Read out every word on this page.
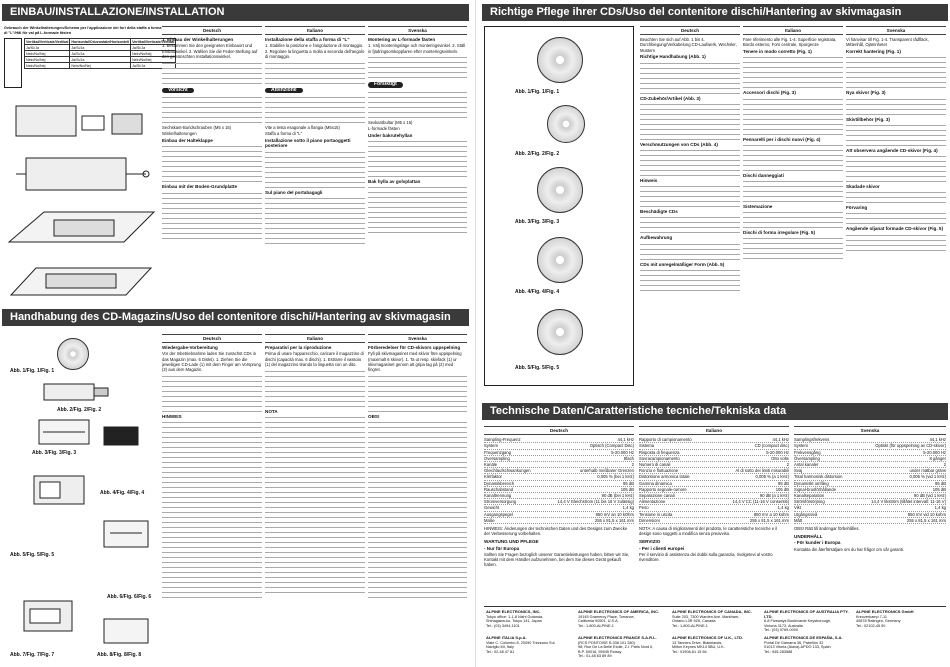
EINBAU/INSTALLAZIONE/INSTALLATION	Richtige Pflege ihrer CDs/Uso del contenitore dischi/Hantering av skivmagasin
Handhabung des CD-Magazins/Uso del contenitore dischi/Hantering av skivmagasin
Technische Daten/Caratteristiche tecniche/Tekniska data
Gebrauch der Winkelhalterungen/Schema per l'applicazione dei fori della staffa a forma di "L"/Hål för val på L-formade fästen
Vertikal/Verticale/Vertikal	Horizontal/Orizzontale/Horisontell	Vertikal/Verticale/Vertikal
Ja/Sì/Ja	Ja/Sì/Ja	Ja/Sì/Ja
Nein/No/Nej	Ja/Sì/Ja	Nein/No/Nej
Nein/No/Nej	Ja/Sì/Ja	Nein/No/Nej
Nein/No/Nej	Nein/No/Nej	Ja/Sì/Ja
Deutsch
1. Einbau der Winkelhalterungen
1. Bestimmen Sie den geeigneten Einbauort und Einbauwinkel. 2. Wählen Sie die Feder-Stellung auf den gewünschten Installationswinkel.
Vorsicht
Sechskant-Bundschrauben (M5 x 15)
Winkelhalterungen
Einbau der Halteklappe
Einbau mit der Boden-Grundplatte
Italiano
Installazione della staffa a forma di "L"
1. Stabilire la posizione e l'angolazione di montaggio. 2. Regolare la linguetta a molla a seconda dell'angolo di montaggio.
Attenzione
Vite a testa esagonale a flangia (M5x15)
Staffa a forma di "L"
Installazione sotto il piano portaoggetti posteriore
Sul piano del portabagagli
Svenska
Montering av L-formade fästen
1. Välj monteringsläge och monteringsvinkel. 2. Ställ in fjädringsomkopplaren efter monteringsvinkeln.
Försiktigt
Sexkantbultar (M5 x 15)
L-formade fästen
Under bakrutehyllan
Bak hylla av golvplattan
Abb. 1/Fig. 1/Fig. 1
Abb. 2/Fig. 2/Fig. 2
Abb. 3/Fig. 3/Fig. 3
Abb. 4/Fig. 4/Fig. 4
Abb. 5/Fig. 5/Fig. 5
Abb. 6/Fig. 6/Fig. 6
Abb. 7/Fig. 7/Fig. 7	Abb. 8/Fig. 8/Fig. 8
Deutsch
Wiedergabe-Vorbereitung
Vor der Inbetriebnahme laden Sie zunächst CDs in das Magazin (max. 6 Disks). 1. Ziehen Sie die jeweiligen CD-Lade (1) mit dem Finger am Vorsprung (2) aus dem Magazin.
HINWEIS
Italiano
Preparativi per la riproduzione
Prima di usare l'apparecchio, caricare il magazzino di dischi (capacità max. 6 dischi). 1. Estrarre il vassoio (1) del magazzino tirando la linguetta con un dito.
NOTA
Svenska
Förberedelser för CD-skivors uppspelning
Fyll på skivmagasinet med skivor före uppspelning (maximalt 6 skivor). 1. Ta ut resp. skivfack (1) ur skivmagasinet genom att gripa tag på (2) med fingret.
OBS!
Abb. 1/Fig. 1/Fig. 1
Abb. 2/Fig. 2/Fig. 2
Abb. 3/Fig. 3/Fig. 3
Abb. 4/Fig. 4/Fig. 4
Abb. 5/Fig. 5/Fig. 5
Deutsch
Beachten Sie sich auf Abb. 1 bis 4. Durchbiegung/Verkabelung CD-Laufwerk, Wechsler, Mustern
Richtige Handhabung (Abb. 1)
CD-Zubehör/Artikel (Abb. 3)
Verschmutzungen von CDs (Abb. 4)
Hinweis
Beschädigte CDs
Aufbewahrung
CDs mit unregelmäßiger Form (Abb. 5)
Italiano
Fare riferimento alle Fig. 1-4. Superficie registrata, Bordo esterno, Foro centrale, Sporgenze
Tenere in modo corretto (Fig. 1)
Accessori dischi (Fig. 3)
Pennarelli per i dischi nuovi (Fig. 4)
Dischi danneggiati
Sistemazione
Dischi di forma irregolare (Fig. 5)
Svenska
Vi hänvisar till Fig. 1-4. Transparent rådfläck, Mittenhål, Ojämnheter
Korrekt hantering (Fig. 1)
Nya skivor (Fig. 3)
Skivtillbehör (Fig. 3)
Att observera angående CD-skivor (Fig. 4)
Skadade skivor
Förvaring
Angående oljanat formade CD-skivor (Fig. 5)
Deutsch
Sampling-Frequenz	44,1 kHz
System	Optisch (Compact Disc)
Frequenzgang	5-20.000 Hz
Oversampling	8fach
Kanäle	2
Gleichlaufschwankungen	unterhalb meßbarer Grenzen
Klirrfaktor	0,005 % (bei 1 kHz)
Dynamikbereich	95 dB
Rauschabstand	105 dB
Kanaltrennung	90 dB (bei 1 kHz)
Stromversorgung	14,4 V Gleichstrom (11 bis 16 V zulässig)
Gewicht	1,4 kg
Ausgangspegel	850 mV an 10 kOhm
Maße	255 x 81,5 x 161 mm
HINWEIS: Änderungen der technischen Daten und des Designs zum Zwecke der Verbesserung vorbehalten.
WARTUNG UND PFLEGE
- Nur für Europa
Sollten Sie Fragen bezüglich unserer Garantieleistungen haben, bitten wir Sie, Kontakt mit dem Händler aufzunehmen, bei dem Sie dieses Gerät gekauft haben.
Italiano
Rapporto di campionamento	44,1 kHz
Sistema	CD (compact disc)
Risposta di frequenza	5-20.000 Hz
Sovracampionamento	Otto volte
Numero di canali	2
Ronzio e fluttuazione	Al di sotto dei limiti misurabili
Distorsione armonica totale	0,005 % (a 1 kHz)
Gamma dinamica	95 dB
Rapporto segnale-rumore	105 dB
Separazione canali	90 dB (a 1 kHz)
Alimentazione	14,4 V CC (11-16 V consentiti)
Peso	1,4 kg
Tensione in uscita	850 mV a 10 kohm
Dimensioni	255 x 81,5 x 161 mm
NOTA: A causa di miglioramenti del prodotto, le caratteristiche tecniche e il design sono soggetti a modifica senza preavviso.
SERVIZIO
- Per i clienti europei
Per il servizio di assistenza dei dubbi sulla garanzia, rivolgetevi al vostro rivenditore.
Svenska
Samplingsfrekvens	44,1 kHz
System	Optiskt (för uppspelning av CD-skivor)
Frekvensgång	5-20.000 Hz
Översampling	8 gånger
Antal kanaler	2
Svaj	under mätbar gräns
Total harmonisk distorsion	0,005 % (vid 1 kHz)
Dynamiskt omfång	95 dB
Signal-brusförhållande	105 dB
Kanalseparation	90 dB (vid 1 kHz)
Strömförsörjning	14,4 V likström (tillåtet intervall: 11-16 V)
Vikt	1,4 kg
Utgångsnivå	850 mV vid 10 kohm
Mått	255 x 81,5 x 161 mm
OBS! Rätt till ändringar förbehålles.
UNDERHÅLL
- För kunder i Europa
Kontakta din återförsäljare om du har frågor om vår garanti.
ALPINE ELECTRONICS, INC.
Tokyo office: 1-1-8 Nishi Gotanda,
Shinagawa-ku, Tokyo 141, Japan
Tel.: (03) 3494-1101
ALPINE ELECTRONICS OF AMERICA, INC.
19145 Gramercy Place, Torrance,
California 90501, U.S.A.
Tel.: 1-800-ALPINE-1
ALPINE ELECTRONICS OF CANADA, INC.
Suite 203, 7300 Warden Ave. Markham,
Ontario L3R 9Z6, Canada
Tel.: 1-800-ALPINE-1
ALPINE ELECTRONICS OF AUSTRALIA PTY. LTD.
6-8 Fiveways Boulevarde Keysborough,
Victoria 3173, Australia
Tel.: (03) 9769-0000
ALPINE ELECTRONICS GmbH
Kreuzerkamp 7-11
40878 Ratingen, Germany
Tel.: 02102-45 50
ALPINE ITALIA S.p.A.
Viale C. Colombo 8, 20090 Trezzano Sul
Naviglio MI, Italy
Tel.: 02-48 47 81
ALPINE ELECTRONICS FRANCE S.A.R.L.
(RCS PONTOISE B 338 101 280)
98, Rue De La Belle Etoile, Z.I. Paris Nord II,
B.P. 50016, 95945 Roissy
Tel.: 01-48 63 89 89
ALPINE ELECTRONICS OF U.K., LTD.
13 Tanners Drive, Blakelands,
Milton Keynes MK14 5BU, U.K.
Tel.: 01908-61 15 56
ALPINE ELECTRONICS DE ESPAÑA, S.A.
Portal De Gamarra 36, Pabellón 32
01013 Vitoria (Alava)-APDO 133, Spain
Tel.: 945-283588
